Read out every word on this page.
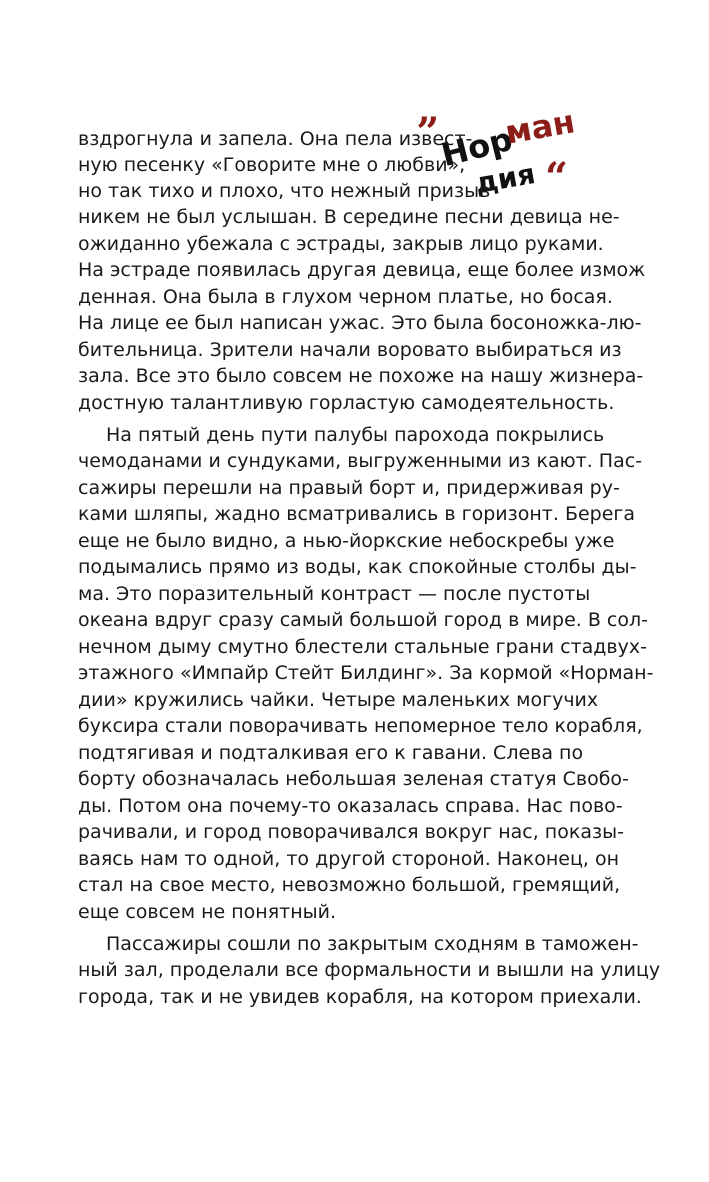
„
Нор
ман
дия “
вздрогнула и запела. Она пела извест-
ную песенку «Говорите мне о любви»,
но так тихо и плохо, что нежный призыв
никем не был услышан. В середине песни девица не-
ожиданно убежала с эстрады, закрыв лицо руками.
На эстраде появилась другая девица, еще более измож
денная. Она была в глухом черном платье, но босая.
На лице ее был написан ужас. Это была босоножка-лю-
бительница. Зрители начали воровато выбираться из
зала. Все это было совсем не похоже на нашу жизнера-
достную талантливую горластую самодеятельность.
На пятый день пути палубы парохода покрылись
чемоданами и сундуками, выгруженными из кают. Пас-
сажиры перешли на правый борт и, придерживая ру-
ками шляпы, жадно всматривались в горизонт. Берега
еще не было видно, а нью-йоркские небоскребы уже
подымались прямо из воды, как спокойные столбы ды-
ма. Это поразительный контраст — после пустоты
океана вдруг сразу самый большой город в мире. В сол-
нечном дыму смутно блестели стальные грани стадвух-
этажного «Импайр Стейт Билдинг». За кормой «Норман-
дии» кружились чайки. Четыре маленьких могучих
буксира стали поворачивать непомерное тело корабля,
подтягивая и подталкивая его к гавани. Слева по
борту обозначалась небольшая зеленая статуя Свобо-
ды. Потом она почему-то оказалась справа. Нас пово-
рачивали, и город поворачивался вокруг нас, показы-
ваясь нам то одной, то другой стороной. Наконец, он
стал на свое место, невозможно большой, гремящий,
еще совсем не понятный.
Пассажиры сошли по закрытым сходням в таможен-
ный зал, проделали все формальности и вышли на улицу
города, так и не увидев корабля, на котором приехали.
